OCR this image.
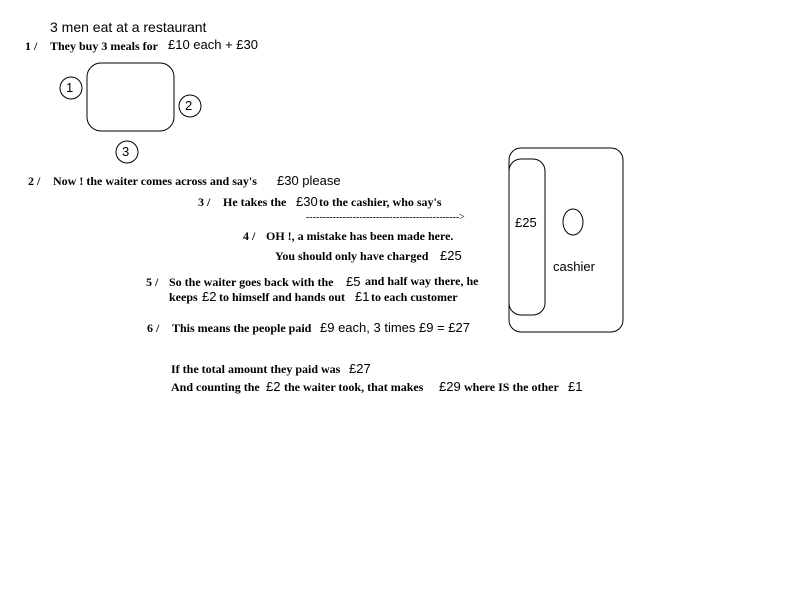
3 men eat at a restaurant
1 / They buy 3 meals for £10 each + £30
1
2
3
2 / Now ! the waiter comes across and say's £30 please
3 / He takes the £30 to the cashier, who say's
---------------------------------------------->
4 / OH !, a mistake has been made here.
You should only have charged £25
5 / So the waiter goes back with the £5 and half way there, he
keeps £2 to himself and hands out £1 to each customer
6 / This means the people paid £9 each, 3 times £9 = £27
If the total amount they paid was £27
And counting the £2 the waiter took, that makes £29 where IS the other £1
£25
cashier
